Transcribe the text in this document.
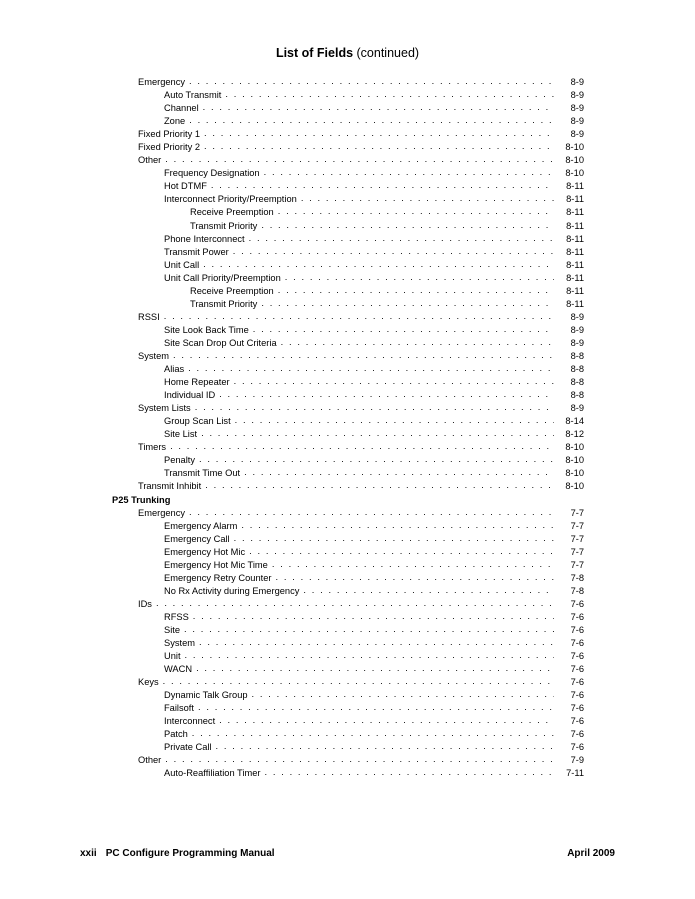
List of Fields (continued)
Emergency . . .	8-9
Auto Transmit . . .	8-9
Channel . . .	8-9
Zone . . .	8-9
Fixed Priority 1 . . .	8-9
Fixed Priority 2 . . .	8-10
Other . . .	8-10
Frequency Designation . . .	8-10
Hot DTMF . . .	8-11
Interconnect Priority/Preemption . . .	8-11
Receive Preemption . . .	8-11
Transmit Priority . . .	8-11
Phone Interconnect . . .	8-11
Transmit Power . . .	8-11
Unit Call . . .	8-11
Unit Call Priority/Preemption . . .	8-11
Receive Preemption . . .	8-11
Transmit Priority . . .	8-11
RSSI . . .	8-9
Site Look Back Time . . .	8-9
Site Scan Drop Out Criteria . . .	8-9
System . . .	8-8
Alias . . .	8-8
Home Repeater . . .	8-8
Individual ID . . .	8-8
System Lists . . .	8-9
Group Scan List . . .	8-14
Site List . . .	8-12
Timers . . .	8-10
Penalty . . .	8-10
Transmit Time Out . . .	8-10
Transmit Inhibit . . .	8-10
P25 Trunking
Emergency . . .	7-7
Emergency Alarm . . .	7-7
Emergency Call . . .	7-7
Emergency Hot Mic . . .	7-7
Emergency Hot Mic Time . . .	7-7
Emergency Retry Counter . . .	7-8
No Rx Activity during Emergency . . .	7-8
IDs . . .	7-6
RFSS . . .	7-6
Site . . .	7-6
System . . .	7-6
Unit . . .	7-6
WACN . . .	7-6
Keys . . .	7-6
Dynamic Talk Group . . .	7-6
Failsoft . . .	7-6
Interconnect . . .	7-6
Patch . . .	7-6
Private Call . . .	7-6
Other . . .	7-9
Auto-Reaffiliation Timer . . .	7-11
xxii PC Configure Programming Manual	April 2009
